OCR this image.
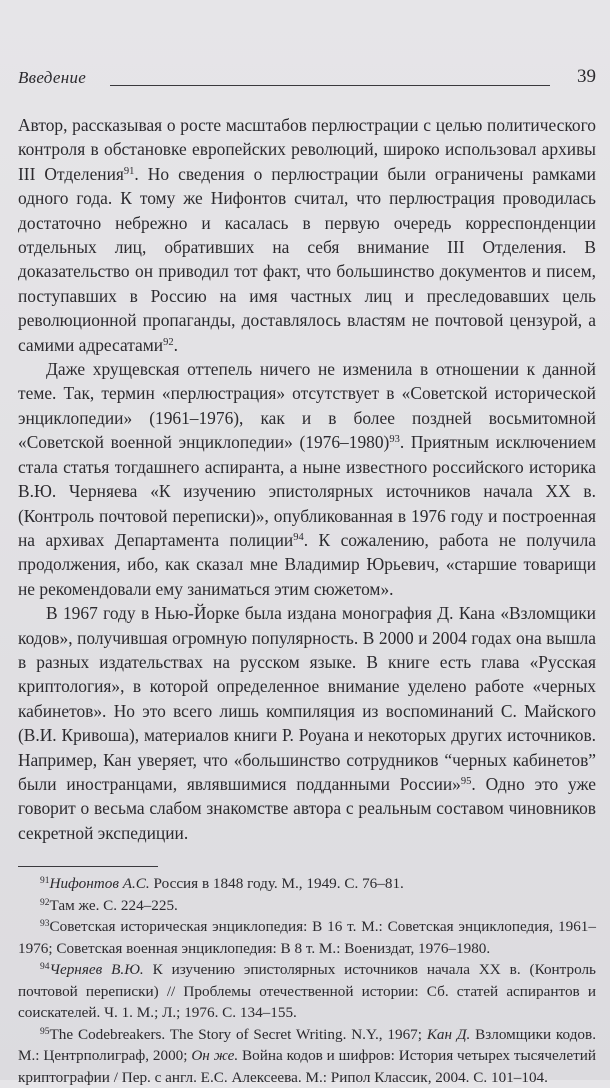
Введение	39

Автор, рассказывая о росте масштабов перлюстрации с целью политического контроля в обстановке европейских революций, широко использовал архивы III Отделения$^{91}$. Но сведения о перлюстрации были ограничены рамками одного года. К тому же Нифонтов считал, что перлюстрация проводилась достаточно небрежно и касалась в первую очередь корреспонденции отдельных лиц, обративших на себя внимание III Отделения. В доказательство он приводил тот факт, что большинство документов и писем, поступавших в Россию на имя частных лиц и преследовавших цель революционной пропаганды, доставлялось властям не почтовой цензурой, а самими адресатами$^{92}$.

Даже хрущевская оттепель ничего не изменила в отношении к данной теме. Так, термин «перлюстрация» отсутствует в «Советской исторической энциклопедии» (1961–1976), как и в более поздней восьмитомной «Советской военной энциклопедии» (1976–1980)$^{93}$. Приятным исключением стала статья тогдашнего аспиранта, а ныне известного российского историка В.Ю. Черняева «К изучению эпистолярных источников начала XX в. (Контроль почтовой переписки)», опубликованная в 1976 году и построенная на архивах Департамента полиции$^{94}$. К сожалению, работа не получила продолжения, ибо, как сказал мне Владимир Юрьевич, «старшие товарищи не рекомендовали ему заниматься этим сюжетом».

В 1967 году в Нью-Йорке была издана монография Д. Кана «Взломщики кодов», получившая огромную популярность. В 2000 и 2004 годах она вышла в разных издательствах на русском языке. В книге есть глава «Русская криптология», в которой определенное внимание уделено работе «черных кабинетов». Но это всего лишь компиляция из воспоминаний С. Майского (В.И. Кривоша), материалов книги Р. Роуана и некоторых других источников. Например, Кан уверяет, что «большинство сотрудников “черных кабинетов” были иностранцами, являвшимися подданными России»$^{95}$. Одно это уже говорит о весьма слабом знакомстве автора с реальным составом чиновников секретной экспедиции.

$^{91}$Нифонтов А.С. Россия в 1848 году. М., 1949. С. 76–81.

$^{92}$Там же. С. 224–225.

$^{93}$Советская историческая энциклопедия: В 16 т. М.: Советская энциклопедия, 1961–1976; Советская военная энциклопедия: В 8 т. М.: Воениздат, 1976–1980.

$^{94}$Черняев В.Ю. К изучению эпистолярных источников начала XX в. (Контроль почтовой переписки) // Проблемы отечественной истории: Сб. статей аспирантов и соискателей. Ч. 1. М.; Л.; 1976. С. 134–155.

$^{95}$The Codebreakers. The Story of Secret Writing. N.Y., 1967; Кан Д. Взломщики кодов. М.: Центрполиграф, 2000; Он же. Война кодов и шифров: История четырех тысячелетий криптографии / Пер. с англ. Е.С. Алексеева. М.: Рипол Классик, 2004. С. 101–104.
